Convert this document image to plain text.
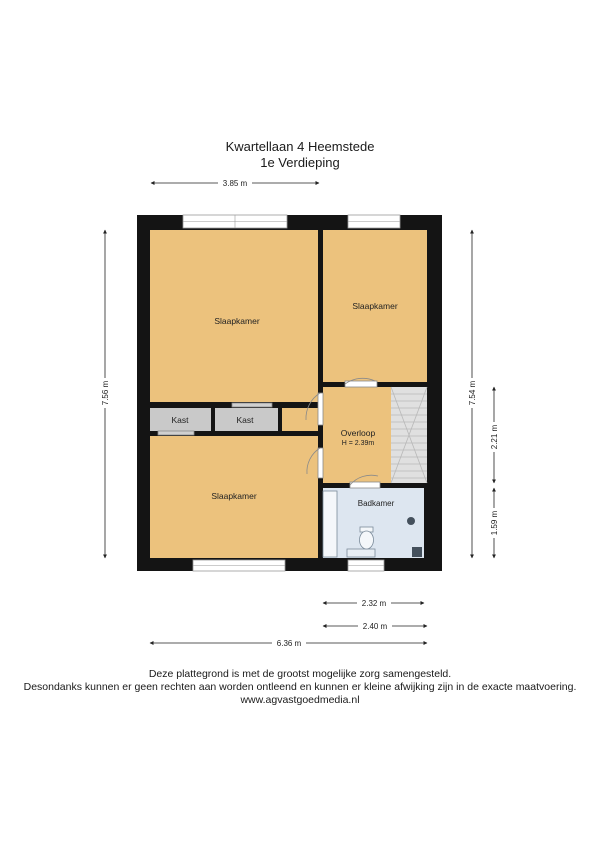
Kwartellaan 4 Heemstede
1e Verdieping
Slaapkamer
Slaapkamer
Kast	Kast
Slaapkamer
Overloop
H = 2.39m
Badkamer
3.85 m
7.56 m	7.54 m
2.21 m
1.59 m
2.32 m
2.40 m
6.36 m
Deze plattegrond is met de grootst mogelijke zorg samengesteld.
Desondanks kunnen er geen rechten aan worden ontleend en kunnen er kleine afwijking zijn in de exacte maatvoering.
www.agvastgoedmedia.nl
